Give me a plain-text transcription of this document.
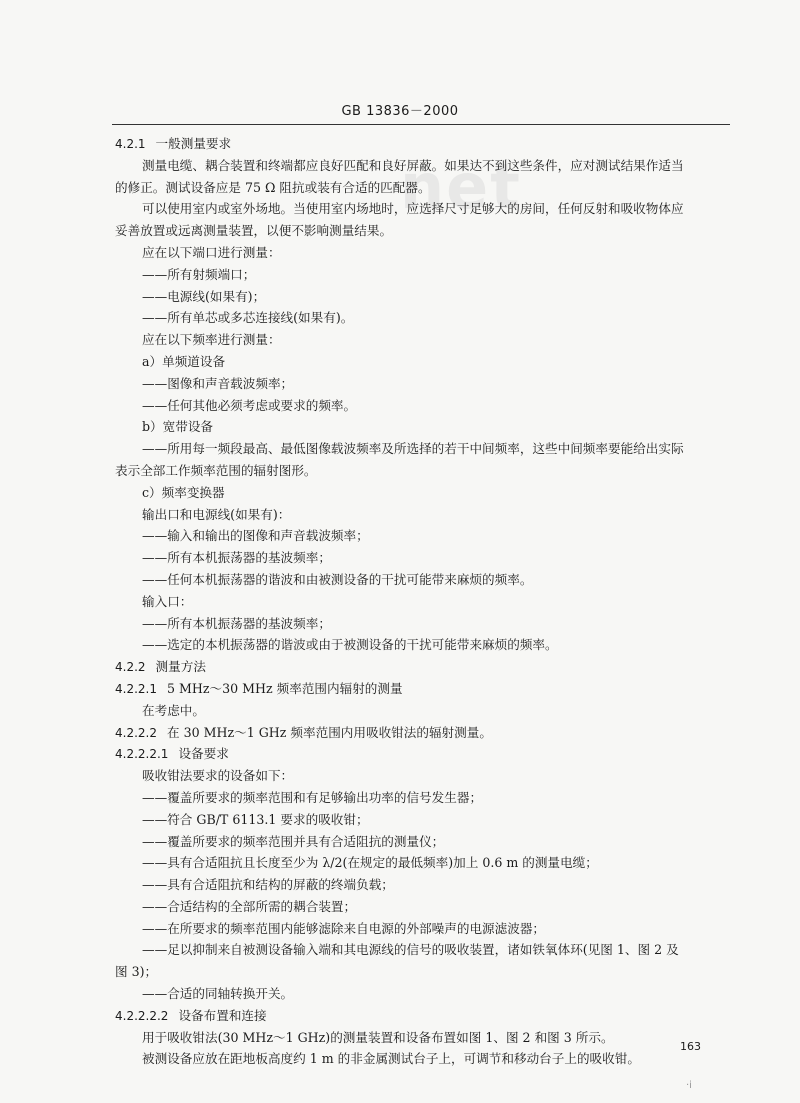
net
GB 13836－2000
4.2.1 一般测量要求
测量电缆、耦合装置和终端都应良好匹配和良好屏蔽。如果达不到这些条件，应对测试结果作适当
的修正。测试设备应是 75 Ω 阻抗或装有合适的匹配器。
可以使用室内或室外场地。当使用室内场地时，应选择尺寸足够大的房间，任何反射和吸收物体应
妥善放置或远离测量装置，以便不影响测量结果。
应在以下端口进行测量：
——所有射频端口；
——电源线(如果有)；
——所有单芯或多芯连接线(如果有)。
应在以下频率进行测量：
a）单频道设备
——图像和声音载波频率；
——任何其他必须考虑或要求的频率。
b）宽带设备
——所用每一频段最高、最低图像载波频率及所选择的若干中间频率，这些中间频率要能给出实际
表示全部工作频率范围的辐射图形。
c）频率变换器
输出口和电源线(如果有)：
——输入和输出的图像和声音载波频率；
——所有本机振荡器的基波频率；
——任何本机振荡器的谐波和由被测设备的干扰可能带来麻烦的频率。
输入口：
——所有本机振荡器的基波频率；
——选定的本机振荡器的谐波或由于被测设备的干扰可能带来麻烦的频率。
4.2.2 测量方法
4.2.2.1 5 MHz～30 MHz 频率范围内辐射的测量
在考虑中。
4.2.2.2 在 30 MHz～1 GHz 频率范围内用吸收钳法的辐射测量。
4.2.2.2.1 设备要求
吸收钳法要求的设备如下：
——覆盖所要求的频率范围和有足够输出功率的信号发生器；
——符合 GB/T 6113.1 要求的吸收钳；
——覆盖所要求的频率范围并具有合适阻抗的测量仪；
——具有合适阻抗且长度至少为 λ/2(在规定的最低频率)加上 0.6 m 的测量电缆；
——具有合适阻抗和结构的屏蔽的终端负载；
——合适结构的全部所需的耦合装置；
——在所要求的频率范围内能够滤除来自电源的外部噪声的电源滤波器；
——足以抑制来自被测设备输入端和其电源线的信号的吸收装置，诸如铁氧体环(见图 1、图 2 及
图 3)；
——合适的同轴转换开关。
4.2.2.2.2 设备布置和连接
用于吸收钳法(30 MHz～1 GHz)的测量装置和设备布置如图 1、图 2 和图 3 所示。
被测设备应放在距地板高度约 1 m 的非金属测试台子上，可调节和移动台子上的吸收钳。
163
·i
